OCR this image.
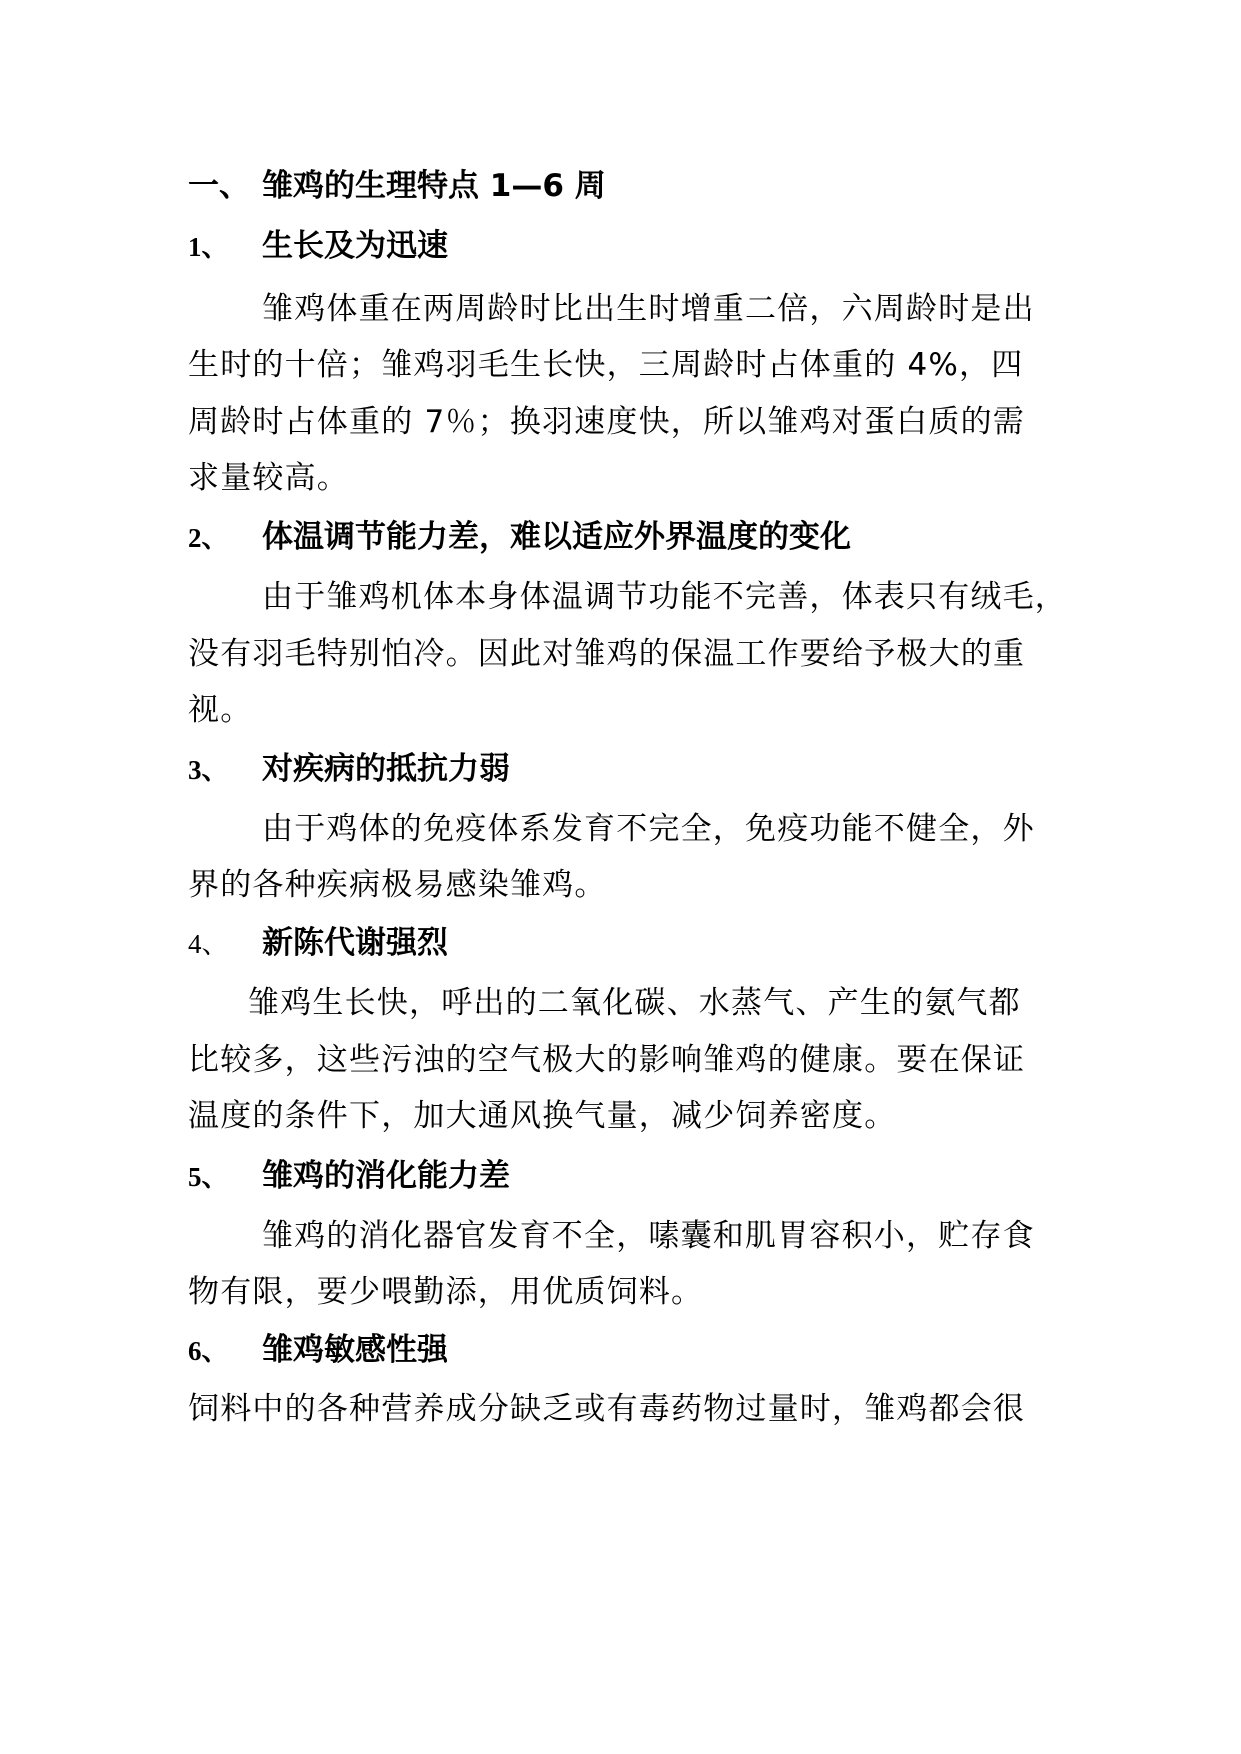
一、 雏鸡的生理特点 1—6 周
1、 生长及为迅速
雏鸡体重在两周龄时比出生时增重二倍，六周龄时是出
生时的十倍；雏鸡羽毛生长快，三周龄时占体重的 4%，四
周龄时占体重的 7％；换羽速度快，所以雏鸡对蛋白质的需
求量较高。
2、 体温调节能力差，难以适应外界温度的变化
由于雏鸡机体本身体温调节功能不完善，体表只有绒毛，
没有羽毛特别怕冷。因此对雏鸡的保温工作要给予极大的重
视。
3、 对疾病的抵抗力弱
由于鸡体的免疫体系发育不完全，免疫功能不健全，外
界的各种疾病极易感染雏鸡。
4、 新陈代谢强烈
雏鸡生长快，呼出的二氧化碳、水蒸气、产生的氨气都
比较多，这些污浊的空气极大的影响雏鸡的健康。要在保证
温度的条件下，加大通风换气量，减少饲养密度。
5、 雏鸡的消化能力差
雏鸡的消化器官发育不全，嗉囊和肌胃容积小，贮存食
物有限，要少喂勤添，用优质饲料。
6、 雏鸡敏感性强
饲料中的各种营养成分缺乏或有毒药物过量时，雏鸡都会很
